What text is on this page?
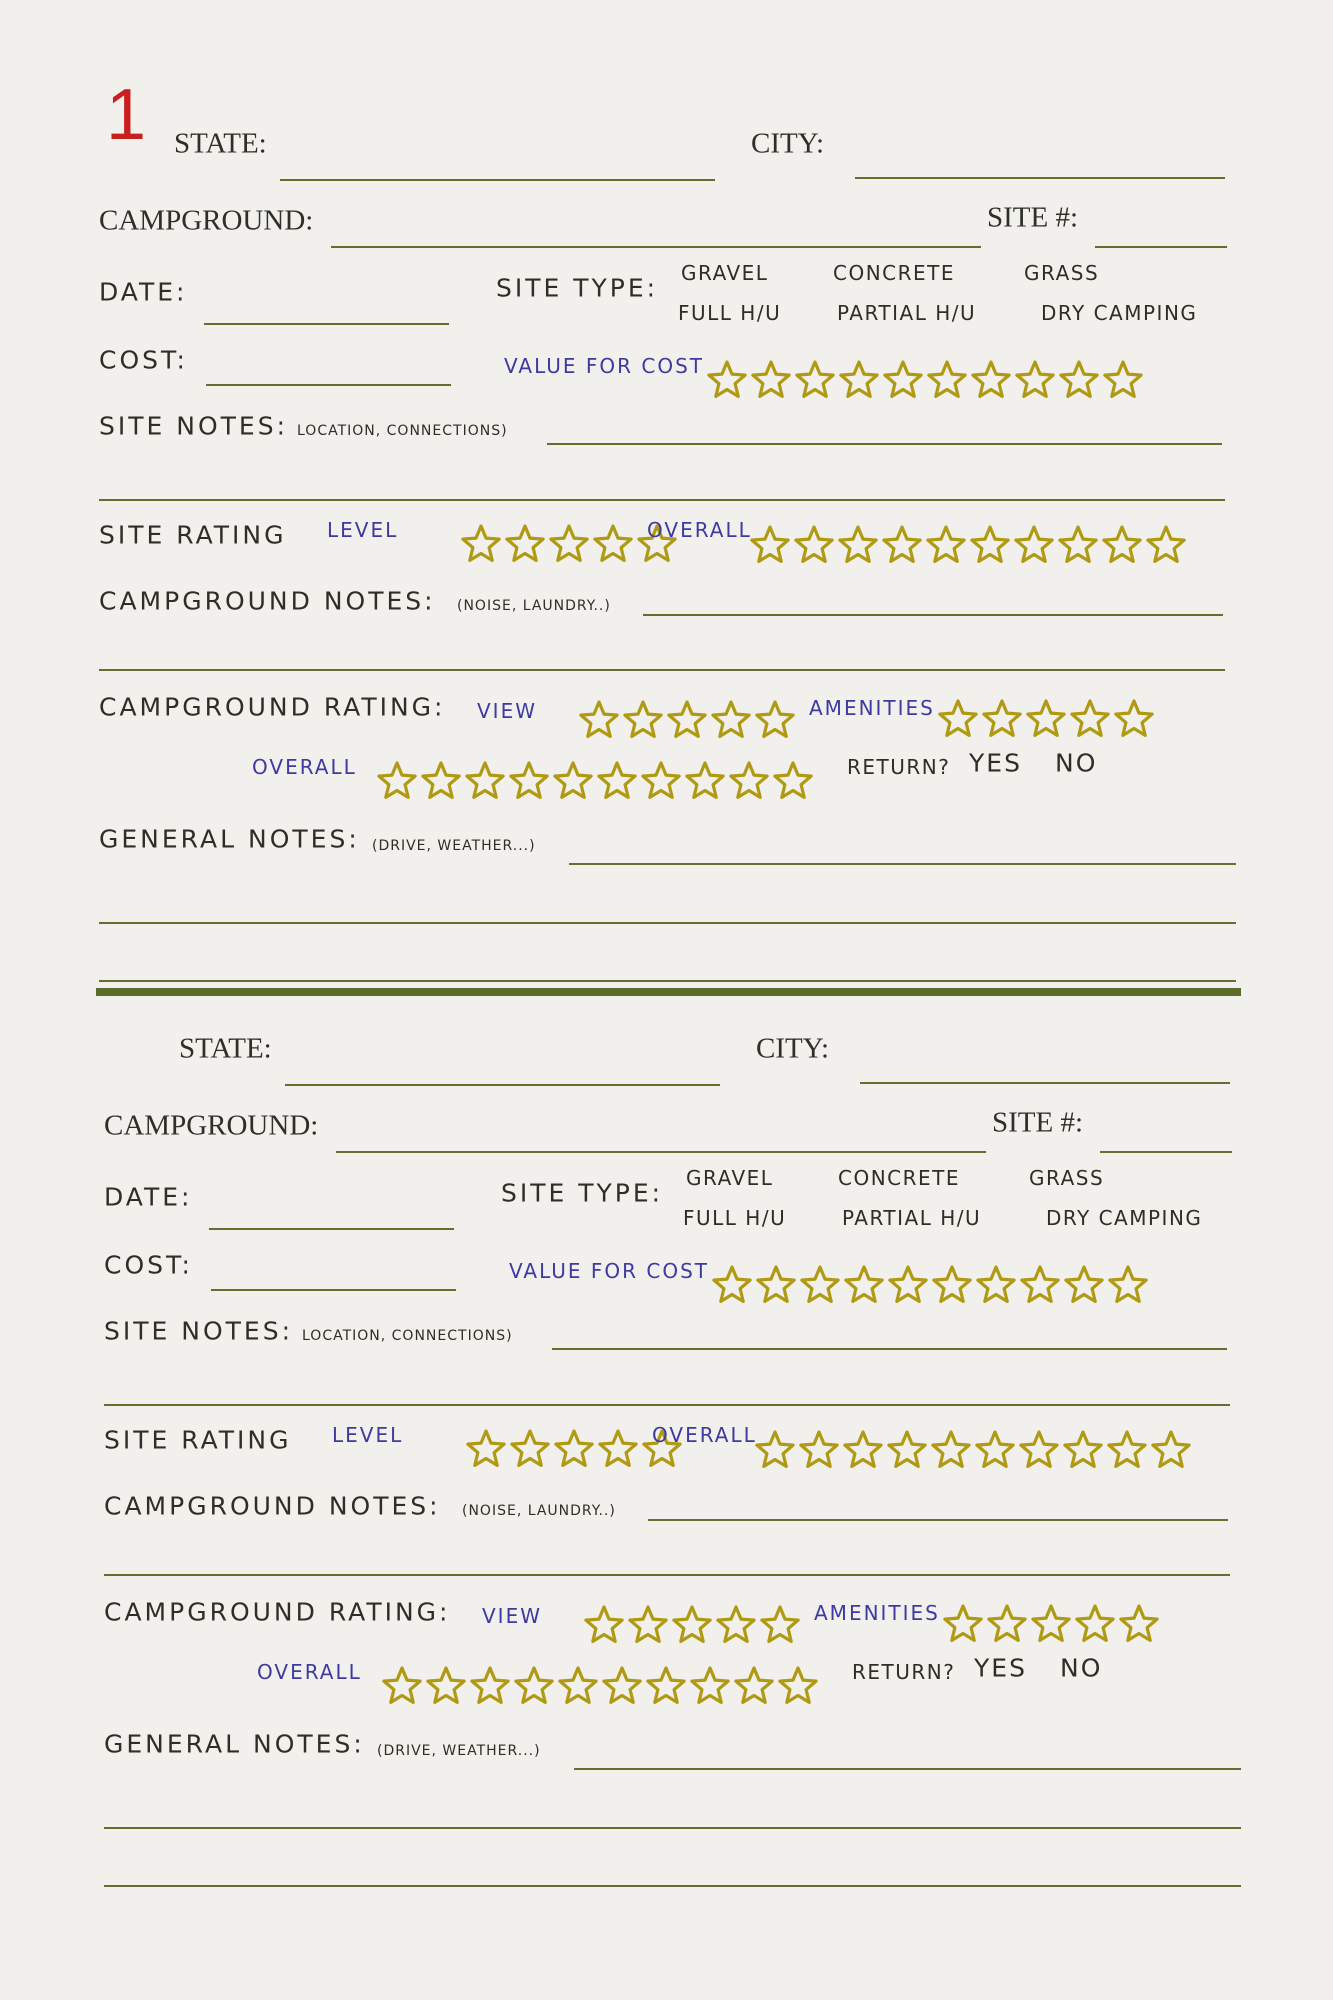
1 STATE:	CITY:
CAMPGROUND:	SITE #:
DATE:	SITE TYPE:
GRAVEL	CONCRETE	GRASS
FULL H/U	PARTIAL H/U	DRY CAMPING
COST:	VALUE FOR COST
SITE NOTES: LOCATION, CONNECTIONS)
SITE RATING LEVEL	OVERALL
CAMPGROUND NOTES: (NOISE, LAUNDRY..)
CAMPGROUND RATING: VIEW	AMENITIES
OVERALL	RETURN? YES NO
GENERAL NOTES: (DRIVE, WEATHER...)
STATE:	CITY:
CAMPGROUND:	SITE #:
DATE:	SITE TYPE:
GRAVEL	CONCRETE	GRASS
FULL H/U	PARTIAL H/U	DRY CAMPING
COST:	VALUE FOR COST
SITE NOTES: LOCATION, CONNECTIONS)
SITE RATING LEVEL	OVERALL
CAMPGROUND NOTES: (NOISE, LAUNDRY..)
CAMPGROUND RATING: VIEW	AMENITIES
OVERALL	RETURN? YES NO
GENERAL NOTES: (DRIVE, WEATHER...)
